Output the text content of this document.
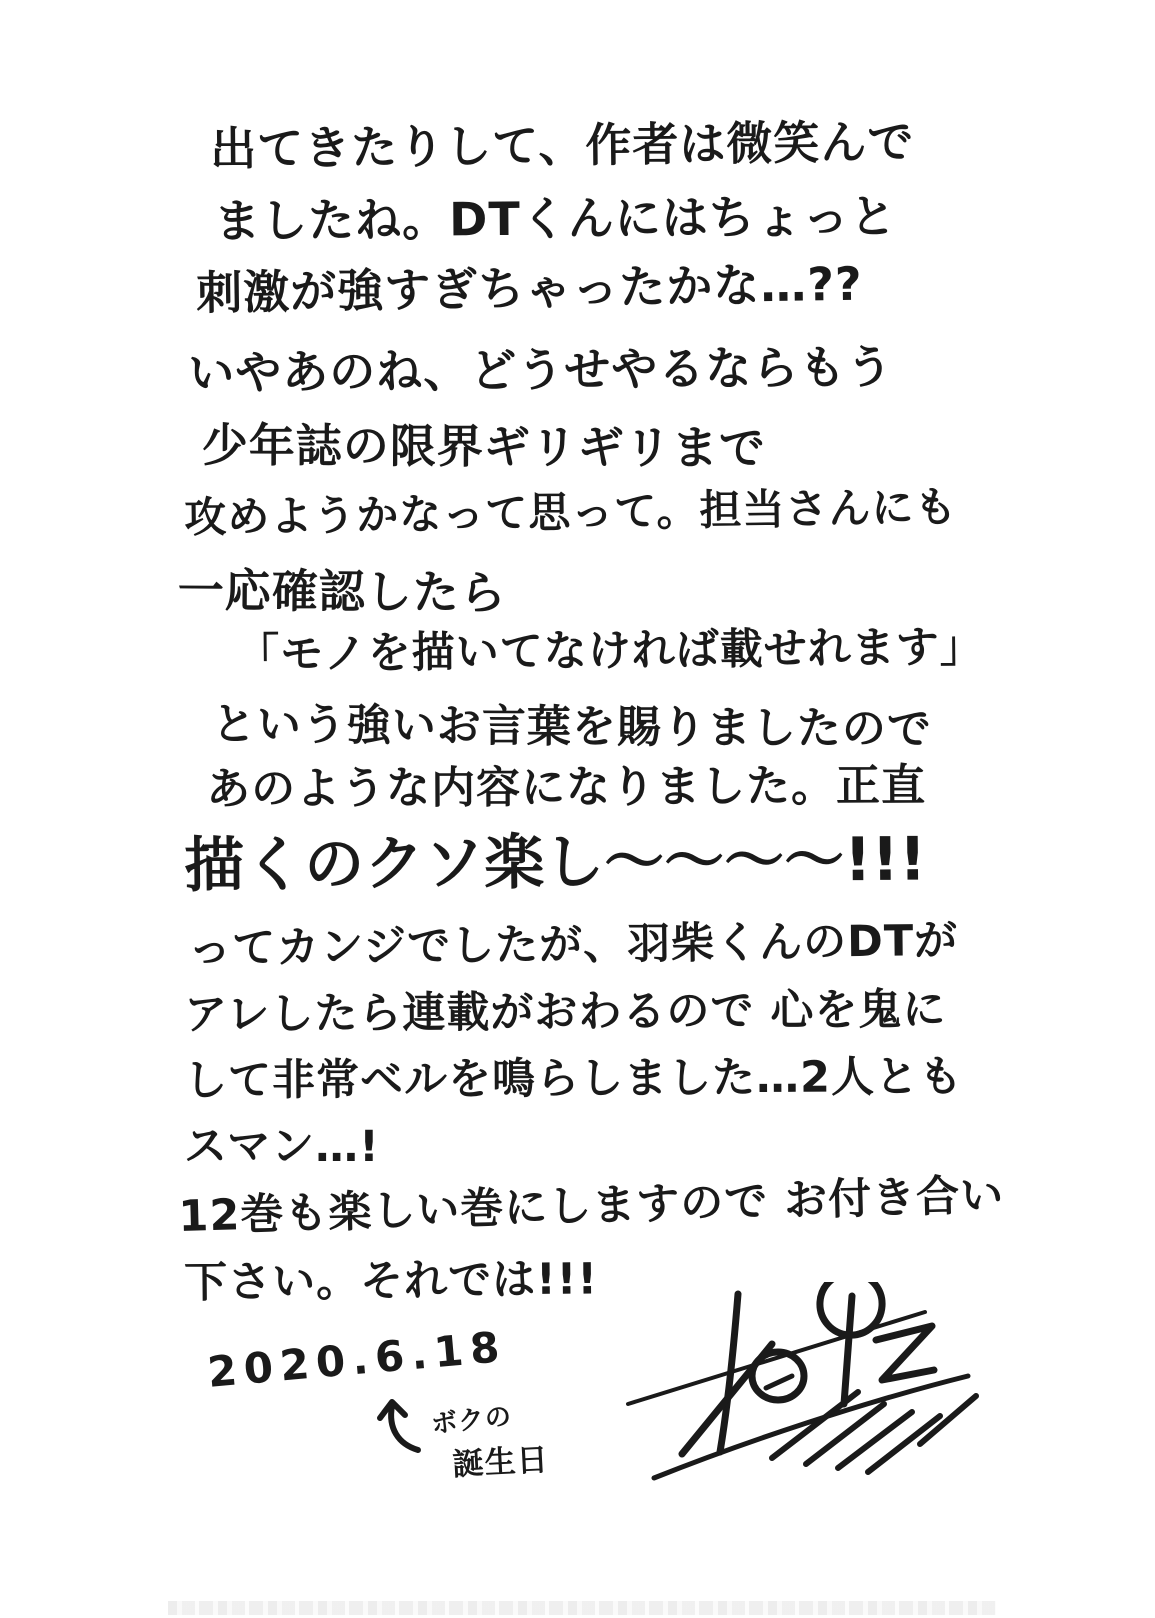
出てきたりして、作者は微笑んで
ましたね。DTくんにはちょっと
刺激が強すぎちゃったかな…??
いやあのね、どうせやるならもう
少年誌の限界ギリギリまで
攻めようかなって思って。担当さんにも
一応確認したら
「モノを描いてなければ載せれます」
という強いお言葉を賜りましたので
あのような内容になりました。正直
描くのクソ楽し〜〜〜〜!!!
ってカンジでしたが、羽柴くんのDTが
アレしたら連載がおわるので 心を鬼に
して非常ベルを鳴らしました…2人とも
スマン…!
12巻も楽しい巻にしますので お付き合い
下さい。それでは!!!
2020.6.18
ボクの
誕生日
